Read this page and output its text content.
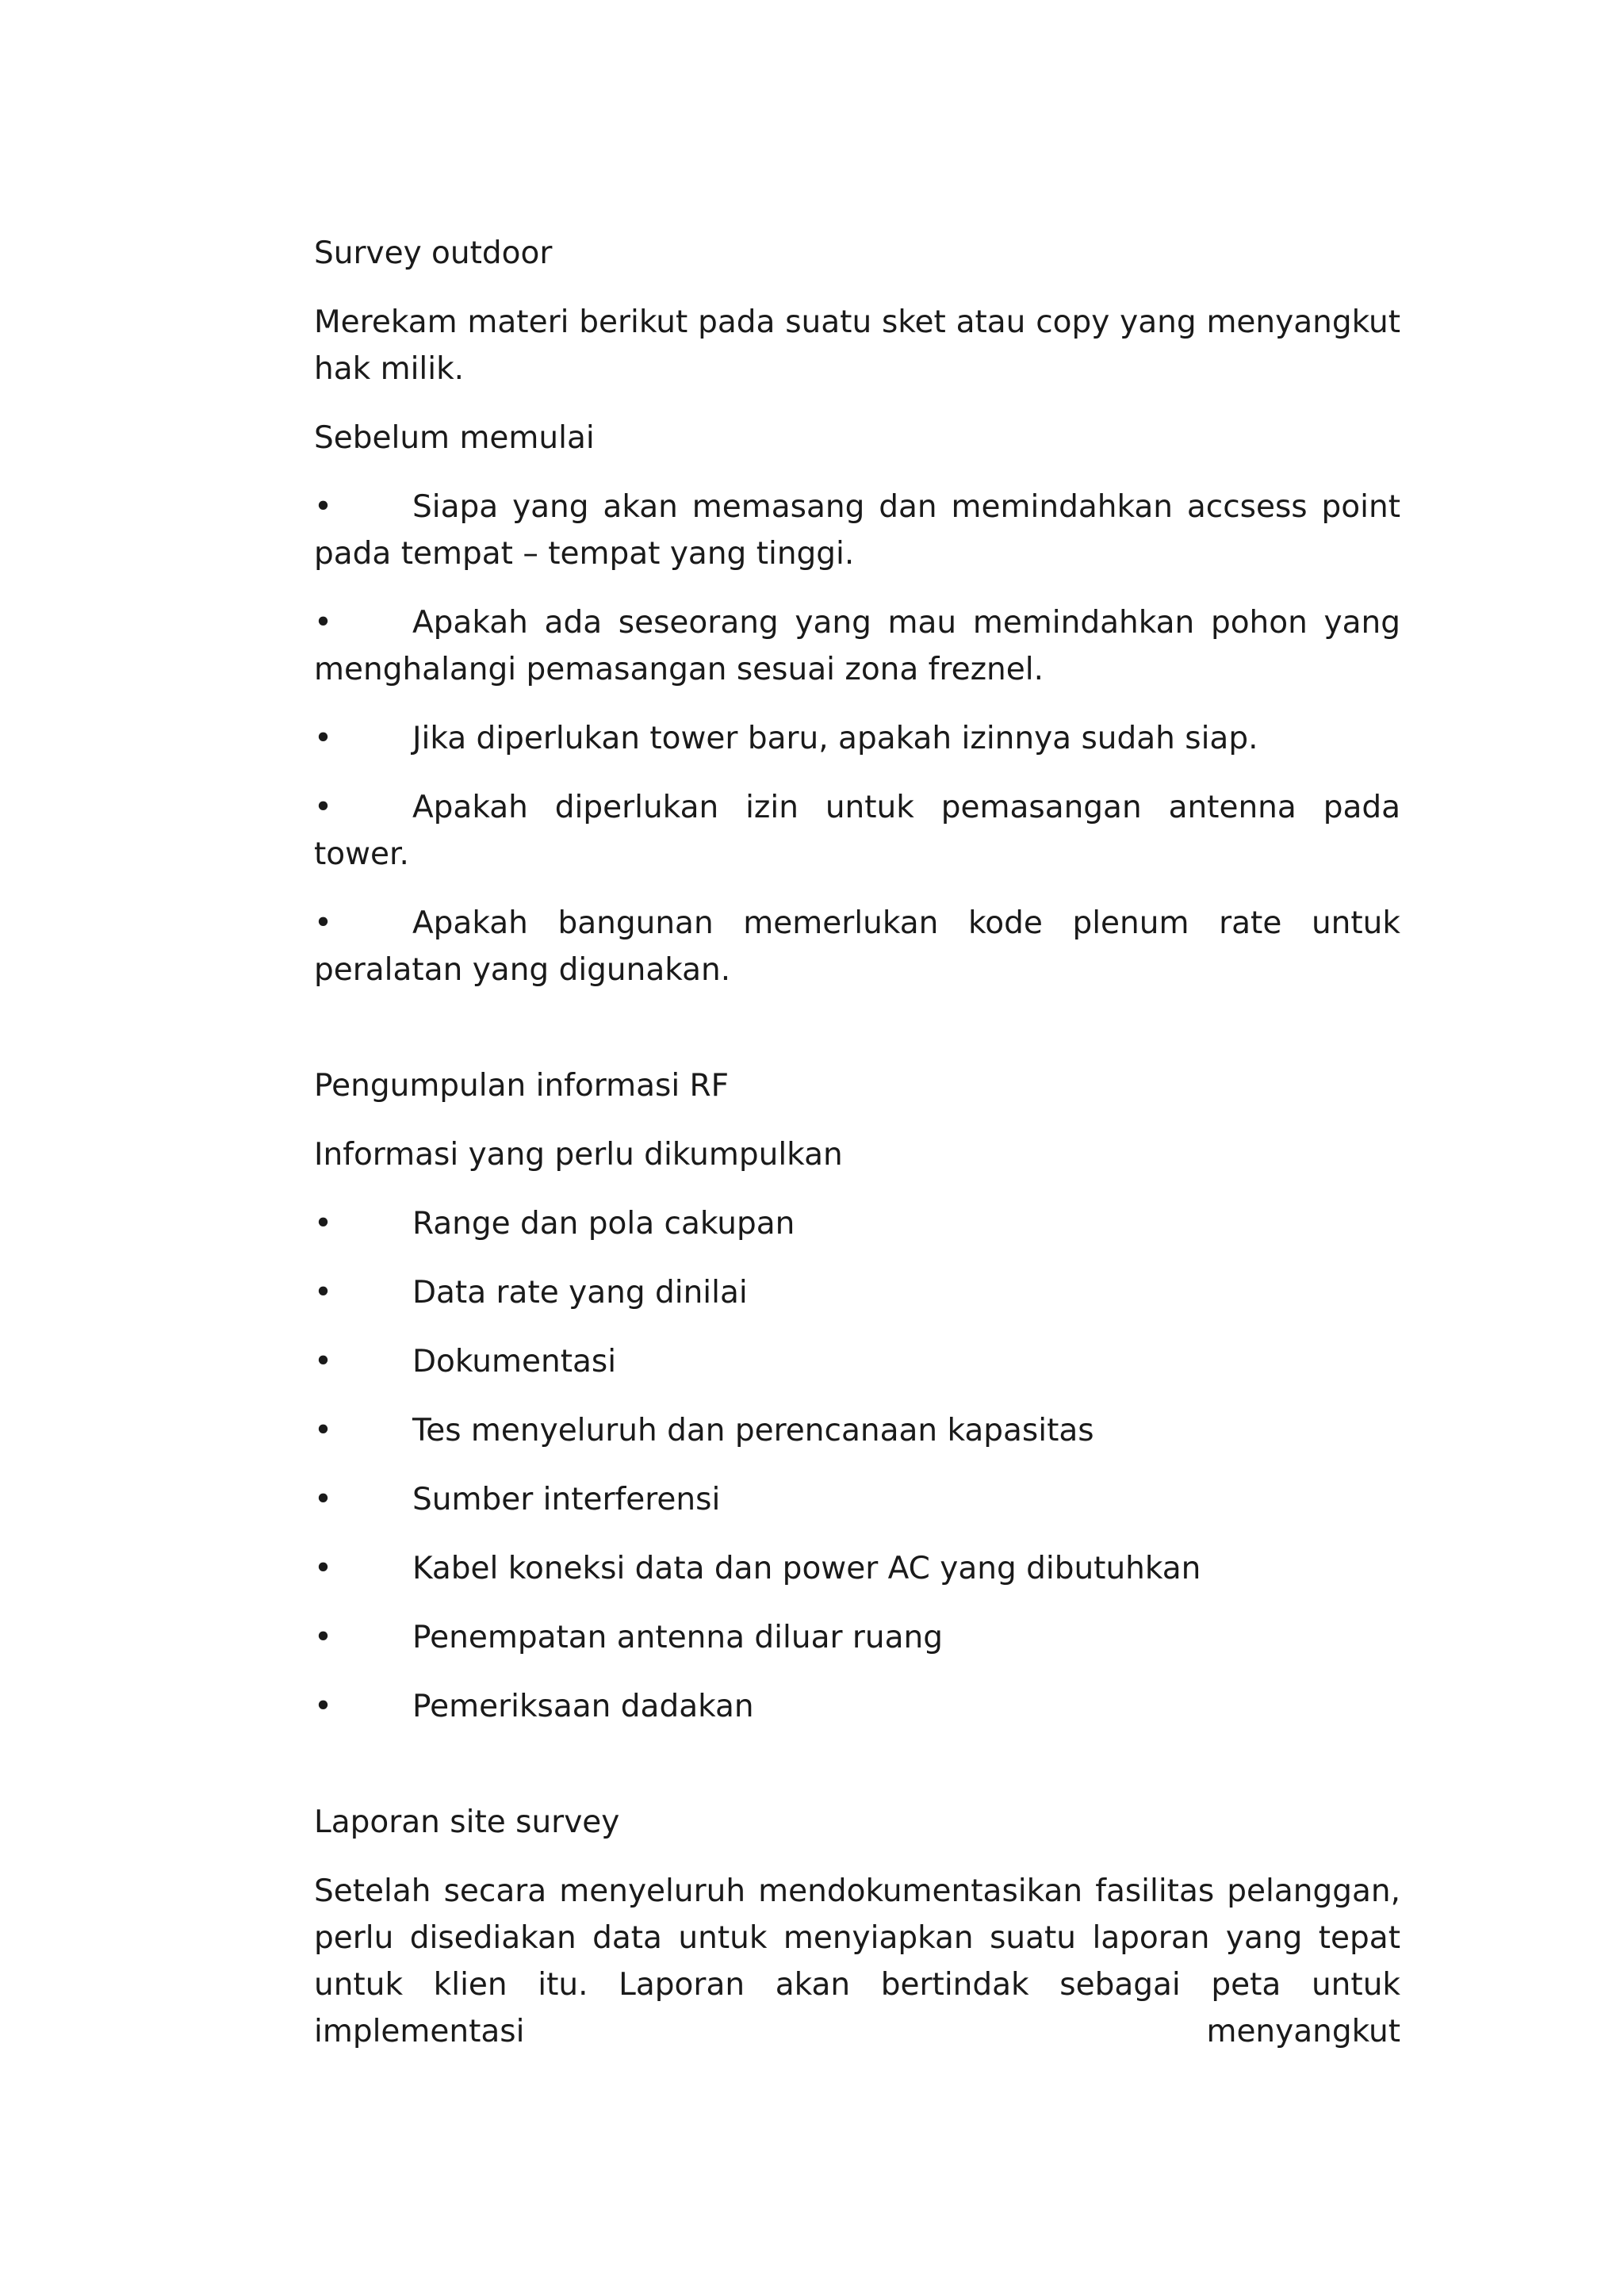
Survey outdoor

Merekam materi berikut pada suatu sket atau copy yang menyangkut hak milik.

Sebelum memulai

•	Siapa yang akan memasang dan memindahkan accsess point pada tempat – tempat yang tinggi.

•	Apakah ada seseorang yang mau memindahkan pohon yang menghalangi pemasangan sesuai zona freznel.

•	Jika diperlukan tower baru, apakah izinnya sudah siap.

•	Apakah diperlukan izin untuk pemasangan antenna pada tower.

•	Apakah bangunan memerlukan kode plenum rate untuk peralatan yang digunakan.

Pengumpulan informasi RF

Informasi yang perlu dikumpulkan

•	Range dan pola cakupan

•	Data rate yang dinilai

•	Dokumentasi

•	Tes menyeluruh dan perencanaan kapasitas

•	Sumber interferensi

•	Kabel koneksi data dan power AC yang dibutuhkan

•	Penempatan antenna diluar ruang

•	Pemeriksaan dadakan

Laporan site survey

Setelah secara menyeluruh mendokumentasikan fasilitas pelanggan, perlu disediakan data untuk menyiapkan suatu laporan yang tepat untuk klien itu. Laporan akan bertindak sebagai peta untuk implementasi menyangkut
